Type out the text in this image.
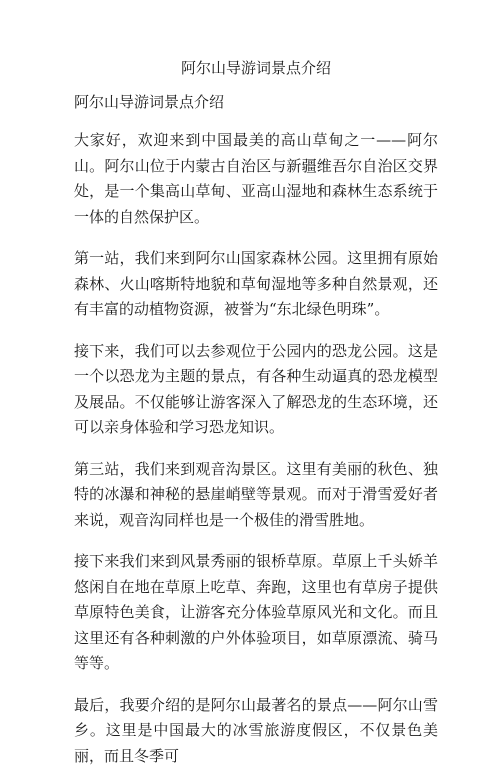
阿尔山导游词景点介绍
阿尔山导游词景点介绍

大家好，欢迎来到中国最美的高山草甸之一——阿尔山。阿尔山位于内蒙古自治区与新疆维吾尔自治区交界处，是一个集高山草甸、亚高山湿地和森林生态系统于一体的自然保护区。

第一站，我们来到阿尔山国家森林公园。这里拥有原始森林、火山喀斯特地貌和草甸湿地等多种自然景观，还有丰富的动植物资源，被誉为“东北绿色明珠”。

接下来，我们可以去参观位于公园内的恐龙公园。这是一个以恐龙为主题的景点，有各种生动逼真的恐龙模型及展品。不仅能够让游客深入了解恐龙的生态环境，还可以亲身体验和学习恐龙知识。

第三站，我们来到观音沟景区。这里有美丽的秋色、独特的冰瀑和神秘的悬崖峭壁等景观。而对于滑雪爱好者来说，观音沟同样也是一个极佳的滑雪胜地。

接下来我们来到风景秀丽的银桥草原。草原上千头娇羊悠闲自在地在草原上吃草、奔跑，这里也有草房子提供草原特色美食，让游客充分体验草原风光和文化。而且这里还有各种刺激的户外体验项目，如草原漂流、骑马等等。

最后，我要介绍的是阿尔山最著名的景点——阿尔山雪乡。这里是中国最大的冰雪旅游度假区，不仅景色美丽，而且冬季可
